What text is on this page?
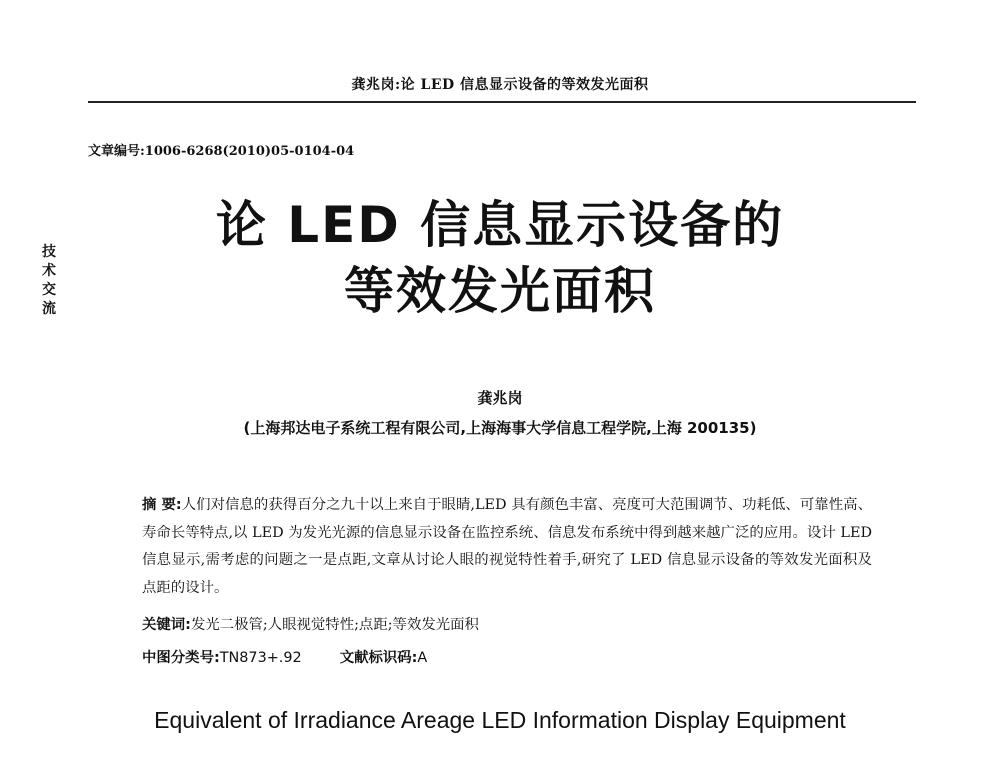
龚兆岗:论 LED 信息显示设备的等效发光面积
文章编号:1006-6268(2010)05-0104-04
技
术
交
流
论 LED 信息显示设备的
等效发光面积
龚兆岗
(上海邦达电子系统工程有限公司,上海海事大学信息工程学院,上海 200135)
摘 要:人们对信息的获得百分之九十以上来自于眼睛,LED 具有颜色丰富、亮度可大范围调节、功耗低、可靠性高、寿命长等特点,以 LED 为发光光源的信息显示设备在监控系统、信息发布系统中得到越来越广泛的应用。设计 LED 信息显示,需考虑的问题之一是点距,文章从讨论人眼的视觉特性着手,研究了 LED 信息显示设备的等效发光面积及点距的设计。
关键词:发光二极管;人眼视觉特性;点距;等效发光面积
中图分类号:TN873+.92	文献标识码:A
Equivalent of Irradiance Areage LED Information Display Equipment
